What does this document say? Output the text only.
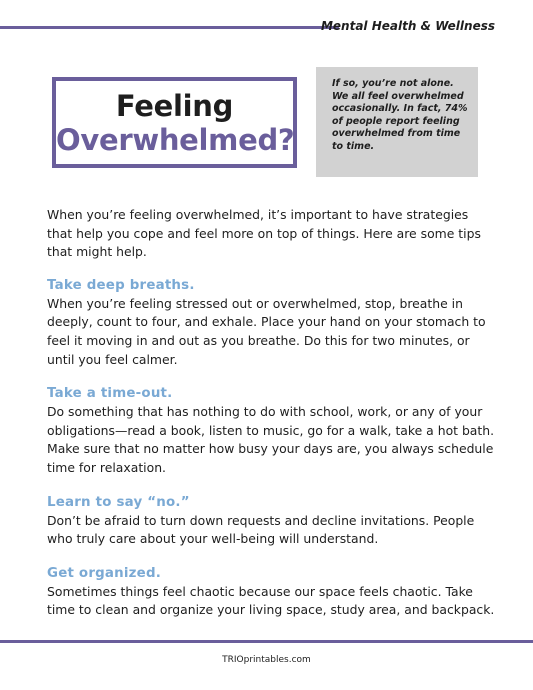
Mental Health & Wellness
Feeling
Overwhelmed?
If so, you’re not alone. We all feel overwhelmed occasionally. In fact, 74% of people report feeling overwhelmed from time to time.

When you’re feeling overwhelmed, it’s important to have strategies that help you cope and feel more on top of things. Here are some tips that might help.

Take deep breaths.

When you’re feeling stressed out or overwhelmed, stop, breathe in deeply, count to four, and exhale. Place your hand on your stomach to feel it moving in and out as you breathe. Do this for two minutes, or until you feel calmer.

Take a time-out.

Do something that has nothing to do with school, work, or any of your obligations—read a book, listen to music, go for a walk, take a hot bath. Make sure that no matter how busy your days are, you always schedule time for relaxation.

Learn to say “no.”

Don’t be afraid to turn down requests and decline invitations. People who truly care about your well-being will understand.

Get organized.

Sometimes things feel chaotic because our space feels chaotic. Take time to clean and organize your living space, study area, and backpack.

TRIOprintables.com
